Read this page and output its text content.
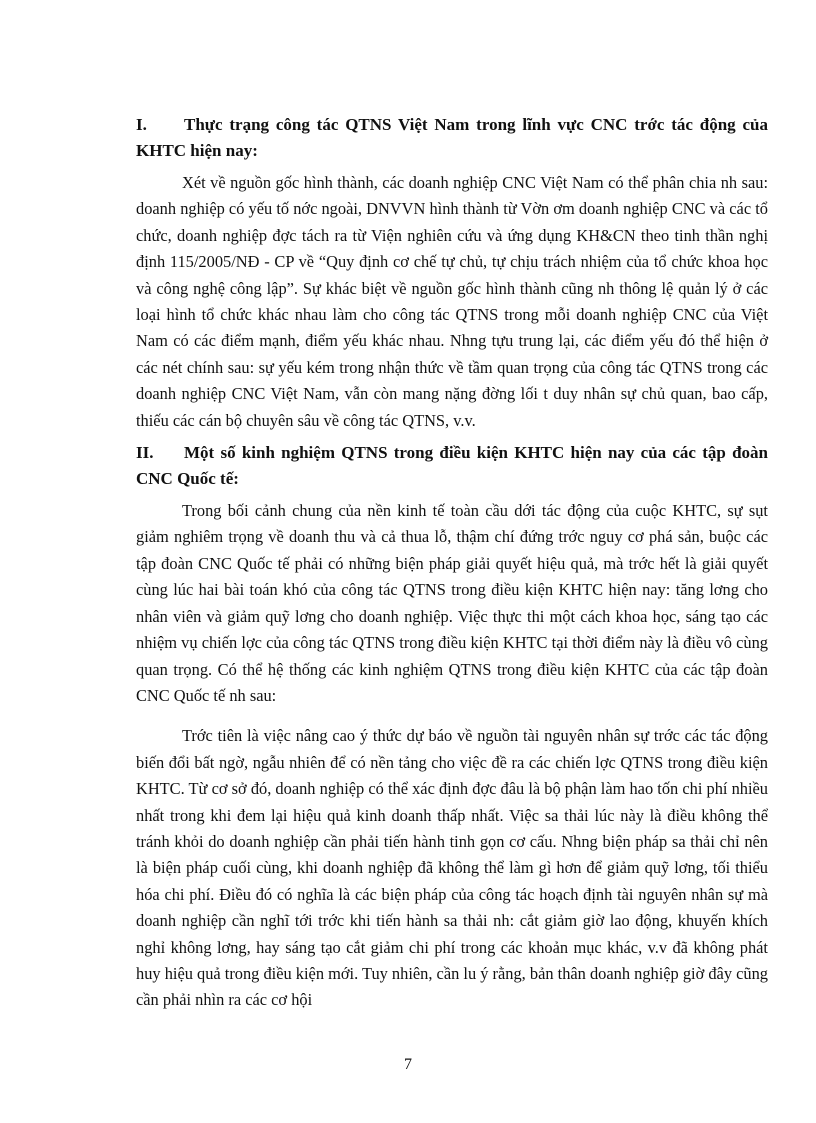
I. Thực trạng công tác QTNS Việt Nam trong lĩnh vực CNC trớc tác động của KHTC hiện nay:

Xét về nguồn gốc hình thành, các doanh nghiệp CNC Việt Nam có thể phân chia nh sau: doanh nghiệp có yếu tố nớc ngoài, DNVVN hình thành từ Vờn ơm doanh nghiệp CNC và các tổ chức, doanh nghiệp đợc tách ra từ Viện nghiên cứu và ứng dụng KH&CN theo tinh thần nghị định 115/2005/NĐ - CP về “Quy định cơ chế tự chủ, tự chịu trách nhiệm của tổ chức khoa học và công nghệ công lập”. Sự khác biệt về nguồn gốc hình thành cũng nh thông lệ quản lý ở các loại hình tổ chức khác nhau làm cho công tác QTNS trong mỗi doanh nghiệp CNC của Việt Nam có các điểm mạnh, điểm yếu khác nhau. Nhng tựu trung lại, các điểm yếu đó thể hiện ở các nét chính sau: sự yếu kém trong nhận thức về tầm quan trọng của công tác QTNS trong các doanh nghiệp CNC Việt Nam, vẫn còn mang nặng đờng lối t duy nhân sự chủ quan, bao cấp, thiếu các cán bộ chuyên sâu về công tác QTNS, v.v.

II. Một số kinh nghiệm QTNS trong điều kiện KHTC hiện nay của các tập đoàn CNC Quốc tế:

Trong bối cảnh chung của nền kinh tế toàn cầu dới tác động của cuộc KHTC, sự sụt giảm nghiêm trọng về doanh thu và cả thua lỗ, thậm chí đứng trớc nguy cơ phá sản, buộc các tập đoàn CNC Quốc tế phải có những biện pháp giải quyết hiệu quả, mà trớc hết là giải quyết cùng lúc hai bài toán khó của công tác QTNS trong điều kiện KHTC hiện nay: tăng lơng cho nhân viên và giảm quỹ lơng cho doanh nghiệp. Việc thực thi một cách khoa học, sáng tạo các nhiệm vụ chiến lợc của công tác QTNS trong điều kiện KHTC tại thời điểm này là điều vô cùng quan trọng. Có thể hệ thống các kinh nghiệm QTNS trong điều kiện KHTC của các tập đoàn CNC Quốc tế nh sau:

Trớc tiên là việc nâng cao ý thức dự báo về nguồn tài nguyên nhân sự trớc các tác động biến đổi bất ngờ, ngẫu nhiên để có nền tảng cho việc đề ra các chiến lợc QTNS trong điều kiện KHTC. Từ cơ sở đó, doanh nghiệp có thể xác định đợc đâu là bộ phận làm hao tốn chi phí nhiều nhất trong khi đem lại hiệu quả kinh doanh thấp nhất. Việc sa thải lúc này là điều không thể tránh khỏi do doanh nghiệp cần phải tiến hành tinh gọn cơ cấu. Nhng biện pháp sa thải chỉ nên là biện pháp cuối cùng, khi doanh nghiệp đã không thể làm gì hơn để giảm quỹ lơng, tối thiểu hóa chi phí. Điều đó có nghĩa là các biện pháp của công tác hoạch định tài nguyên nhân sự mà doanh nghiệp cần nghĩ tới trớc khi tiến hành sa thải nh: cắt giảm giờ lao động, khuyến khích nghỉ không lơng, hay sáng tạo cắt giảm chi phí trong các khoản mục khác, v.v đã không phát huy hiệu quả trong điều kiện mới. Tuy nhiên, cần lu ý rằng, bản thân doanh nghiệp giờ đây cũng cần phải nhìn ra các cơ hội

7
